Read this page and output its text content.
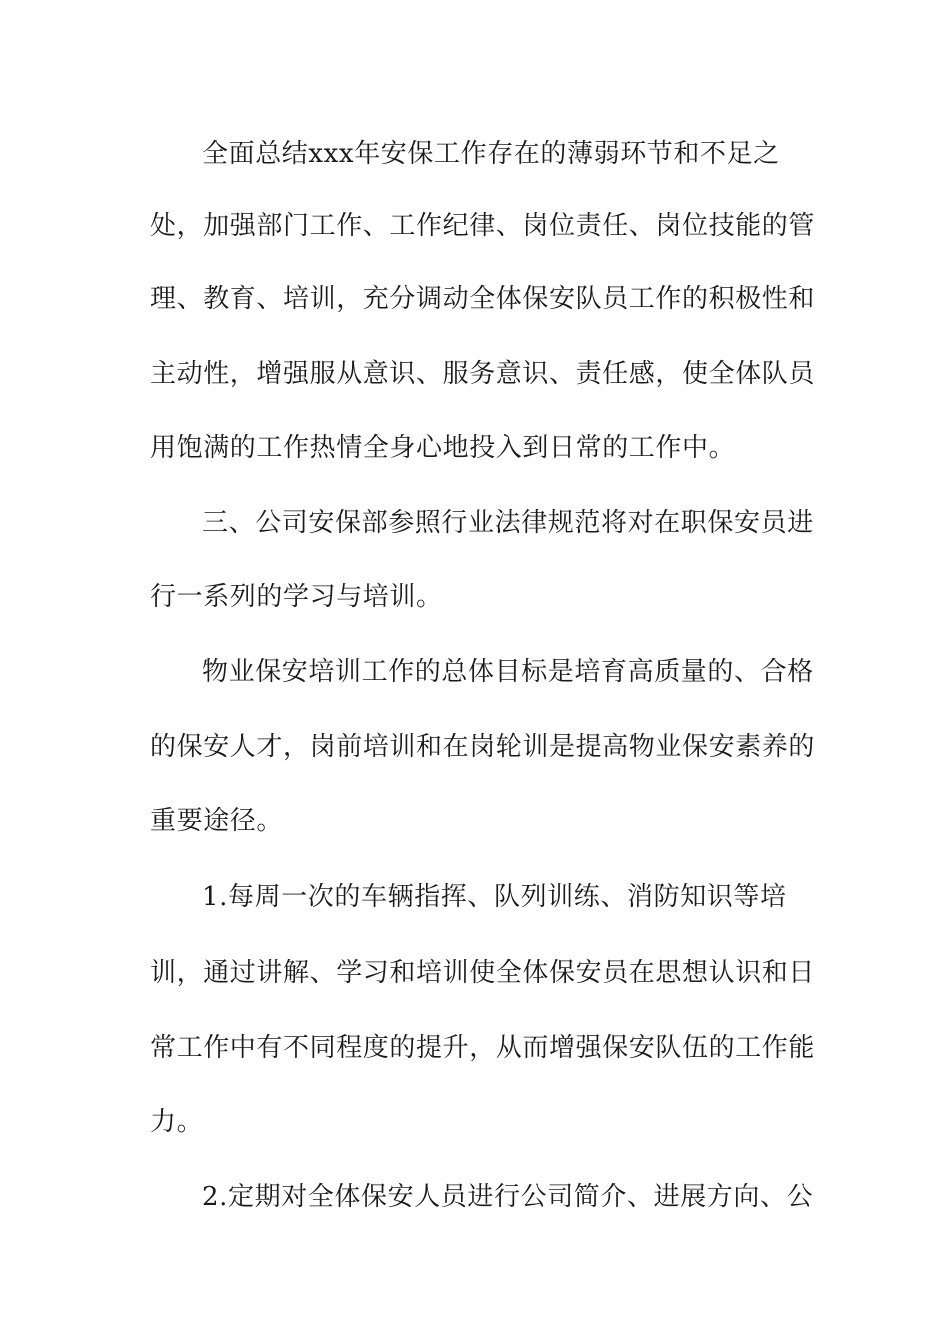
全面总结xxx年安保工作存在的薄弱环节和不足之
处，加强部门工作、工作纪律、岗位责任、岗位技能的管
理、教育、培训，充分调动全体保安队员工作的积极性和
主动性，增强服从意识、服务意识、责任感，使全体队员
用饱满的工作热情全身心地投入到日常的工作中。
三、公司安保部参照行业法律规范将对在职保安员进
行一系列的学习与培训。
物业保安培训工作的总体目标是培育高质量的、合格
的保安人才，岗前培训和在岗轮训是提高物业保安素养的
重要途径。
1.每周一次的车辆指挥、队列训练、消防知识等培
训，通过讲解、学习和培训使全体保安员在思想认识和日
常工作中有不同程度的提升，从而增强保安队伍的工作能
力。
2.定期对全体保安人员进行公司简介、进展方向、公
